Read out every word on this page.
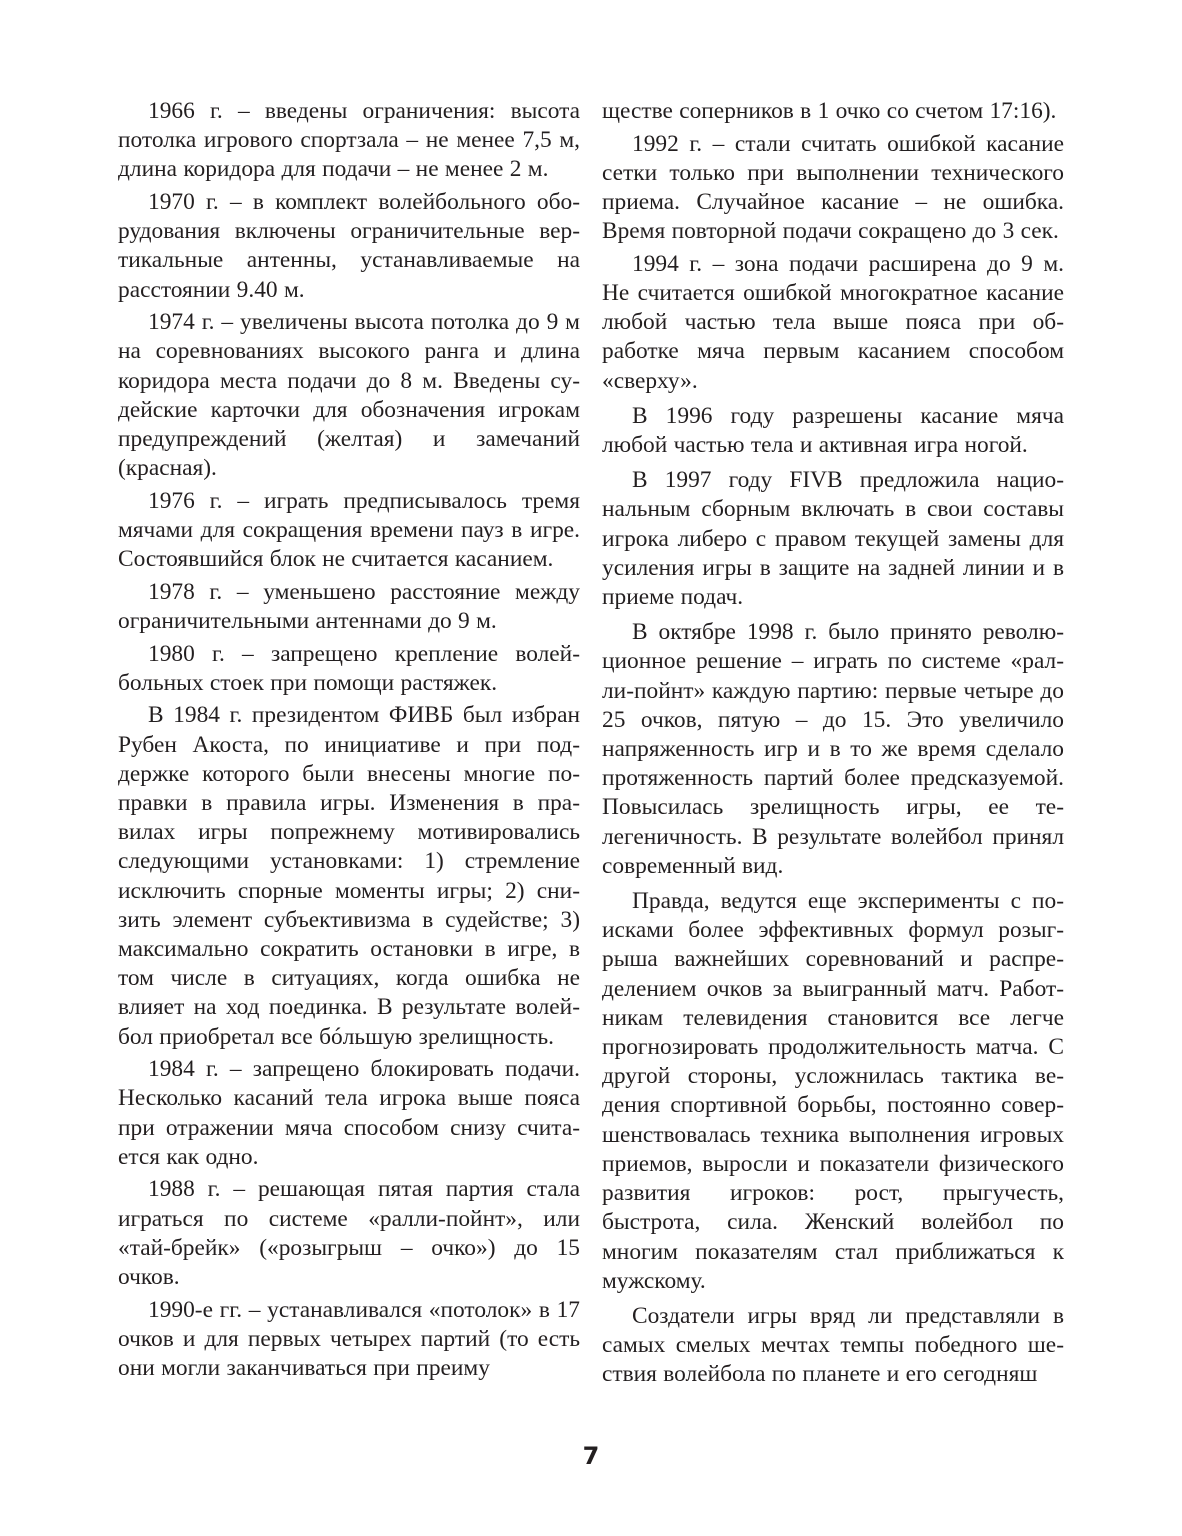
1966 г. – введены ограничения: высота потолка игрового спортзала – не менее 7,5 м, длина коридора для подачи – не менее 2 м.

1970 г. – в комплект волейбольного оборудования включены ограничительные вертикальные антенны, устанавливаемые на расстоянии 9.40 м.

1974 г. – увеличены высота потолка до 9 м на соревнованиях высокого ранга и длина коридора места подачи до 8 м. Введены судейские карточки для обозначения игрокам предупреждений (желтая) и замечаний (красная).

1976 г. – играть предписывалось тремя мячами для сокращения времени пауз в игре. Состоявшийся блок не считается касанием.

1978 г. – уменьшено расстояние между ограничительными антеннами до 9 м.

1980 г. – запрещено крепление волейбольных стоек при помощи растяжек.

В 1984 г. президентом ФИВБ был избран Рубен Акоста, по инициативе и при поддержке которого были внесены многие поправки в правила игры. Изменения в правилах игры попрежнему мотивировались следующими установками: 1) стремление исключить спорные моменты игры; 2) снизить элемент субъективизма в судействе; 3) максимально сократить остановки в игре, в том числе в ситуациях, когда ошибка не влияет на ход поединка. В результате волейбол приобретал все бóльшую зрелищность.

1984 г. – запрещено блокировать подачи. Несколько касаний тела игрока выше пояса при отражении мяча способом снизу считается как одно.

1988 г. – решающая пятая партия стала играться по системе «ралли-пойнт», или «тай-брейк» («розыгрыш – очко») до 15 очков.

1990-е гг. – устанавливался «потолок» в 17 очков и для первых четырех партий (то есть они могли заканчиваться при преиму

ществе соперников в 1 очко со счетом 17:16).

1992 г. – стали считать ошибкой касание сетки только при выполнении технического приема. Случайное касание – не ошибка. Время повторной подачи сокращено до 3 сек.

1994 г. – зона подачи расширена до 9 м. Не считается ошибкой многократное касание любой частью тела выше пояса при обработке мяча первым касанием способом «сверху».

В 1996 году разрешены касание мяча любой частью тела и активная игра ногой.

В 1997 году FIVB предложила национальным сборным включать в свои составы игрока либеро с правом текущей замены для усиления игры в защите на задней линии и в приеме подач.

В октябре 1998 г. было принято революционное решение – играть по системе «ралли-пойнт» каждую партию: первые четыре до 25 очков, пятую – до 15. Это увеличило напряженность игр и в то же время сделало протяженность партий более предсказуемой. Повысилась зрелищность игры, ее телегеничность. В результате волейбол принял современный вид.

Правда, ведутся еще эксперименты с поисками более эффективных формул розыгрыша важнейших соревнований и распределением очков за выигранный матч. Работникам телевидения становится все легче прогнозировать продолжительность матча. С другой стороны, усложнилась тактика ведения спортивной борьбы, постоянно совершенствовалась техника выполнения игровых приемов, выросли и показатели физического развития игроков: рост, прыгучесть, быстрота, сила. Женский волейбол по многим показателям стал приближаться к мужскому.

Создатели игры вряд ли представляли в самых смелых мечтах темпы победного шествия волейбола по планете и его сегодняш

7
